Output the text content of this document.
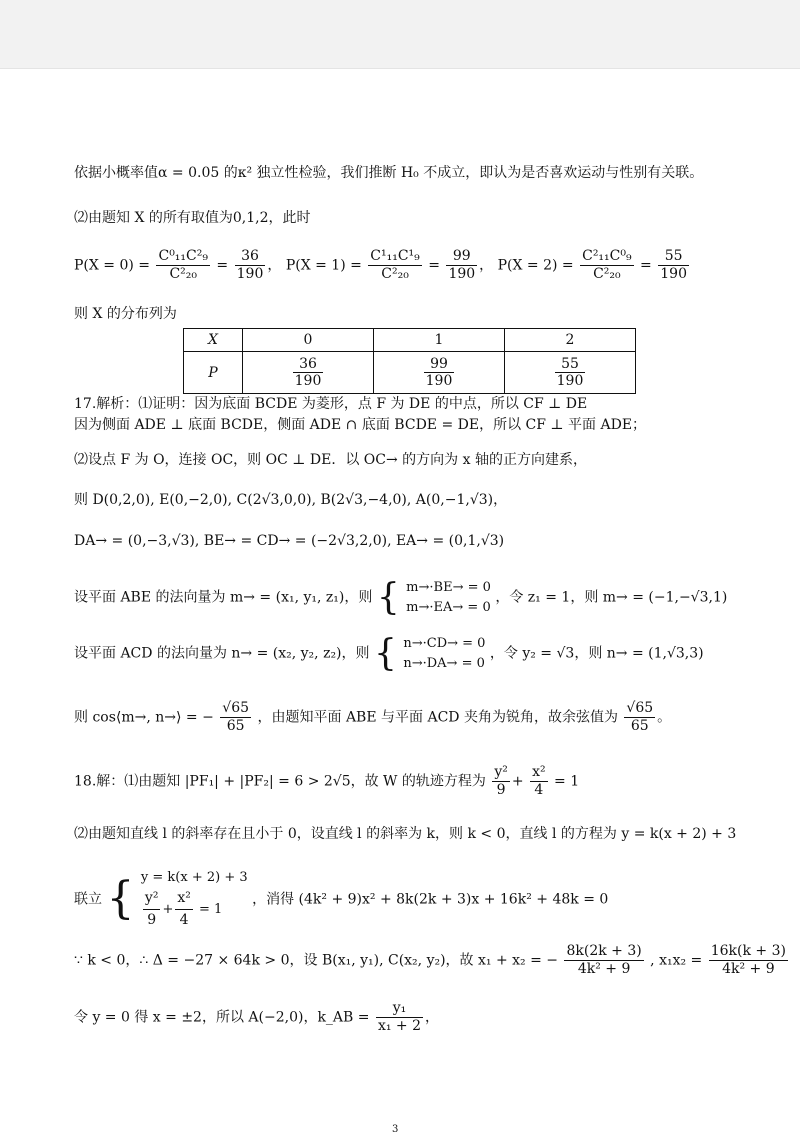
依据小概率值α = 0.05 的κ² 独立性检验，我们推断 H₀ 不成立，即认为是否喜欢运动与性别有关联。
⑵由题知 X 的所有取值为0,1,2，此时
$P(X = 0) = \frac{\text{C⁰₁₁C²₉}}{\text{C²₂₀}} = \frac{36}{190}$ ， $P(X = 1) = \frac{\text{C¹₁₁C¹₉}}{\text{C²₂₀}} = \frac{99}{190}$ ， $P(X = 2) = \frac{\text{C²₁₁C⁰₉}}{\text{C²₂₀}} = \frac{55}{190}$
则 X 的分布列为
X	0	1	2
P	$\frac{36}{190}$	$\frac{99}{190}$	$\frac{55}{190}$
17.解析：⑴证明：因为底面 BCDE 为菱形，点 F 为 DE 的中点，所以 CF ⊥ DE
因为侧面 ADE ⊥ 底面 BCDE，侧面 ADE ∩ 底面 BCDE = DE，所以 CF ⊥ 平面 ADE；
⑵设点 F 为 O，连接 OC，则 OC ⊥ DE．以 OC→ 的方向为 x 轴的正方向建系，
则 D(0,2,0), E(0,−2,0), C(2√3,0,0), B(2√3,−4,0), A(0,−1,√3)，
DA→ = (0,−3,√3), BE→ = CD→ = (−2√3,2,0), EA→ = (0,1,√3)
设平面 ABE 的法向量为 m→ = (x₁, y₁, z₁)，则 { m→·BE→ = 0
m→·EA→ = 0
，令 z₁ = 1，则 m→ = (−1,−√3,1)
设平面 ACD 的法向量为 n→ = (x₂, y₂, z₂)，则 { n→·CD→ = 0
n→·DA→ = 0
，令 y₂ = √3，则 n→ = (1,√3,3)
则 cos⟨m→, n→⟩ = − $\frac{√65}{65}$ ，由题知平面 ABE 与平面 ACD 夹角为锐角，故余弦值为 $\frac{√65}{65}$ 。
18.解：⑴由题知 |PF₁| + |PF₂| = 6 > 2√5，故 W 的轨迹方程为 $\frac{\text{y²}}{9} + \frac{\text{x²}}{4} = 1$
⑵由题知直线 l 的斜率存在且小于 0，设直线 l 的斜率为 k，则 k < 0，直线 l 的方程为 y = k(x + 2) + 3
联立 { y = k(x + 2) + 3
$\frac{\text{y²}}{9} + \frac{\text{x²}}{4} = 1$
，消得 (4k² + 9)x² + 8k(2k + 3)x + 16k² + 48k = 0
∵ k < 0，∴ Δ = −27 × 64k > 0，设 B(x₁, y₁), C(x₂, y₂)，故 x₁ + x₂ = − $\frac{8k(2k + 3)}{\text{4k² + 9}}$ , $x_1x_2 = \frac{16k(k + 3)}{\text{4k² + 9}}$
令 y = 0 得 x = ±2，所以 A(−2,0)，k_AB = $\frac{\text{y₁}}{\text{x₁ + 2}}$ ，
3
